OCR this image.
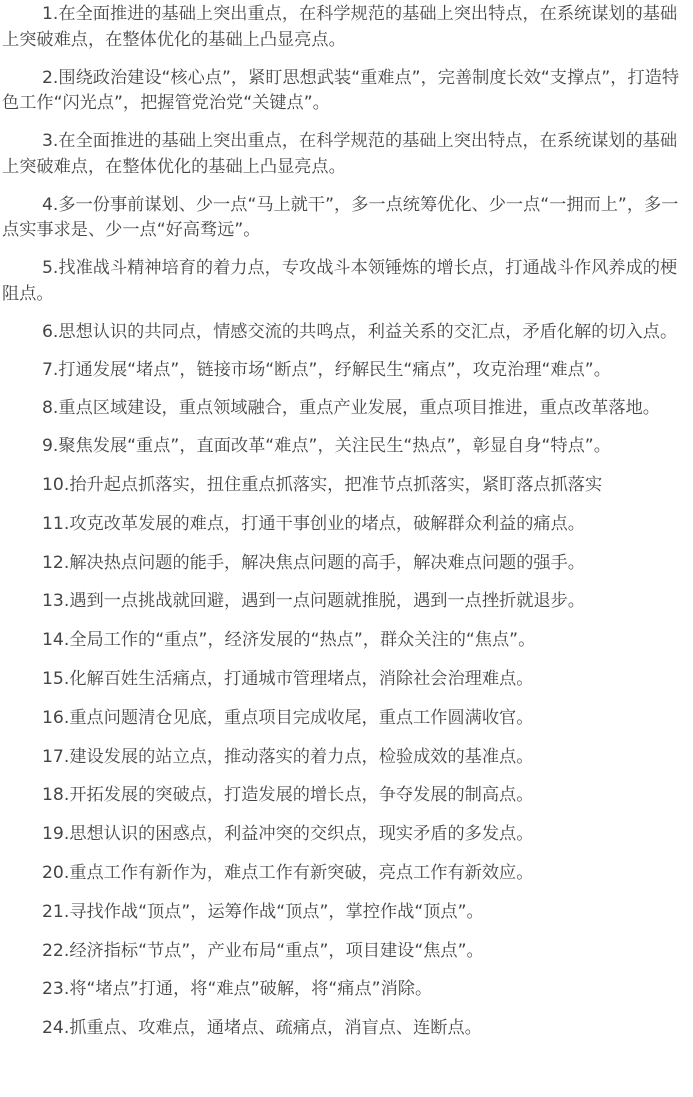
1.在全面推进的基础上突出重点，在科学规范的基础上突出特点，在系统谋划的基础上突破难点，在整体优化的基础上凸显亮点。

2.围绕政治建设“核心点”，紧盯思想武装“重难点”，完善制度长效“支撑点”，打造特色工作“闪光点”，把握管党治党“关键点”。

3.在全面推进的基础上突出重点，在科学规范的基础上突出特点，在系统谋划的基础上突破难点，在整体优化的基础上凸显亮点。

4.多一份事前谋划、少一点“马上就干”，多一点统筹优化、少一点“一拥而上”，多一点实事求是、少一点“好高骛远”。

5.找准战斗精神培育的着力点，专攻战斗本领锤炼的增长点，打通战斗作风养成的梗阻点。

6.思想认识的共同点，情感交流的共鸣点，利益关系的交汇点，矛盾化解的切入点。

7.打通发展“堵点”，链接市场“断点”，纾解民生“痛点”，攻克治理“难点”。

8.重点区域建设，重点领域融合，重点产业发展，重点项目推进，重点改革落地。

9.聚焦发展“重点”，直面改革“难点”，关注民生“热点”，彰显自身“特点”。

10.抬升起点抓落实，扭住重点抓落实，把准节点抓落实，紧盯落点抓落实

11.攻克改革发展的难点，打通干事创业的堵点，破解群众利益的痛点。

12.解决热点问题的能手，解决焦点问题的高手，解决难点问题的强手。

13.遇到一点挑战就回避，遇到一点问题就推脱，遇到一点挫折就退步。

14.全局工作的“重点”，经济发展的“热点”，群众关注的“焦点”。

15.化解百姓生活痛点，打通城市管理堵点，消除社会治理难点。

16.重点问题清仓见底，重点项目完成收尾，重点工作圆满收官。

17.建设发展的站立点，推动落实的着力点，检验成效的基准点。

18.开拓发展的突破点，打造发展的增长点，争夺发展的制高点。

19.思想认识的困惑点，利益冲突的交织点，现实矛盾的多发点。

20.重点工作有新作为，难点工作有新突破，亮点工作有新效应。

21.寻找作战“顶点”，运筹作战“顶点”，掌控作战“顶点”。

22.经济指标“节点”，产业布局“重点”，项目建设“焦点”。

23.将“堵点”打通，将“难点”破解，将“痛点”消除。

24.抓重点、攻难点，通堵点、疏痛点，消盲点、连断点。
